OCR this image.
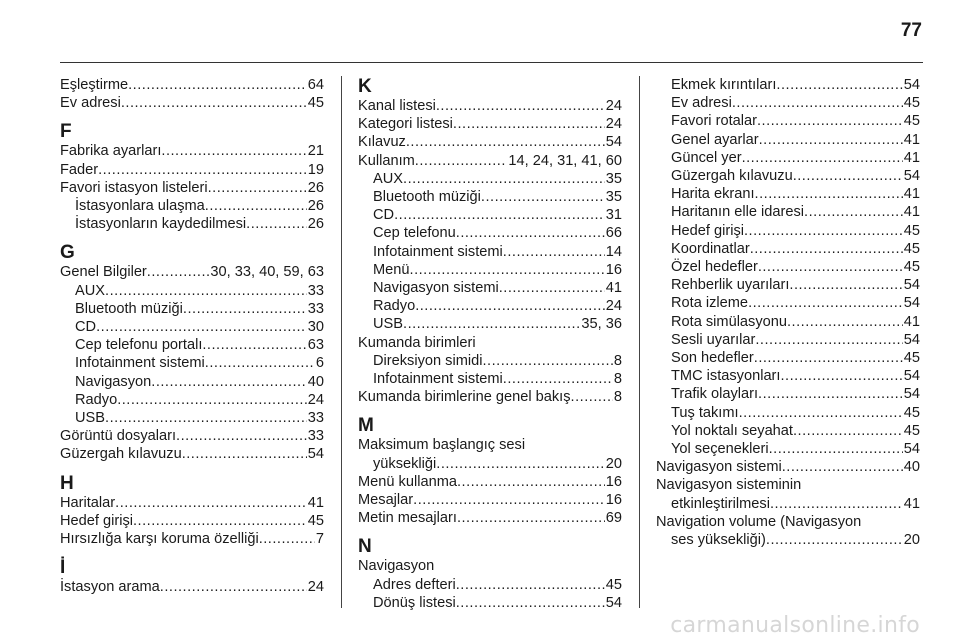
77
Eşleştirme .....	64
Ev adresi .....	45
F
Fabrika ayarları .....	21
Fader .....	19
Favori istasyon listeleri .....	26
İstasyonlara ulaşma .....	26
İstasyonların kaydedilmesi .....	26
G
Genel Bilgiler .....	30, 33, 40, 59, 63
AUX .....	33
Bluetooth müziği .....	33
CD .....	30
Cep telefonu portalı .....	63
Infotainment sistemi .....	6
Navigasyon .....	40
Radyo .....	24
USB .....	33
Görüntü dosyaları .....	33
Güzergah kılavuzu .....	54
H
Haritalar .....	41
Hedef girişi .....	45
Hırsızlığa karşı koruma özelliği .....	7
İ
İstasyon arama .....	24
K
Kanal listesi .....	24
Kategori listesi .....	24
Kılavuz .....	54
Kullanım .....	14, 24, 31, 41, 60
AUX .....	35
Bluetooth müziği .....	35
CD .....	31
Cep telefonu .....	66
Infotainment sistemi .....	14
Menü .....	16
Navigasyon sistemi .....	41
Radyo .....	24
USB .....	35, 36
Kumanda birimleri
Direksiyon simidi .....	8
Infotainment sistemi .....	8
Kumanda birimlerine genel bakış .....	8
M
Maksimum başlangıç sesi
yüksekliği .....	20
Menü kullanma .....	16
Mesajlar .....	16
Metin mesajları .....	69
N
Navigasyon
Adres defteri .....	45
Dönüş listesi .....	54
Ekmek kırıntıları .....	54
Ev adresi .....	45
Favori rotalar .....	45
Genel ayarlar .....	41
Güncel yer .....	41
Güzergah kılavuzu .....	54
Harita ekranı .....	41
Haritanın elle idaresi .....	41
Hedef girişi .....	45
Koordinatlar .....	45
Özel hedefler .....	45
Rehberlik uyarıları .....	54
Rota izleme .....	54
Rota simülasyonu .....	41
Sesli uyarılar .....	54
Son hedefler .....	45
TMC istasyonları .....	54
Trafik olayları .....	54
Tuş takımı .....	45
Yol noktalı seyahat .....	45
Yol seçenekleri .....	54
Navigasyon sistemi .....	40
Navigasyon sisteminin
etkinleştirilmesi .....	41
Navigation volume (Navigasyon
ses yüksekliği) .....	20
carmanualsonline.info
